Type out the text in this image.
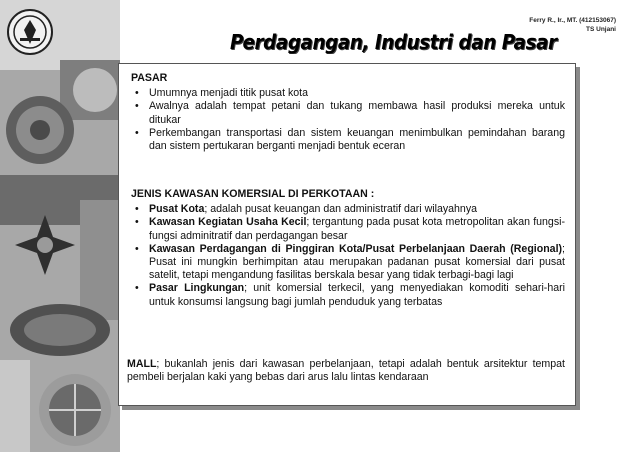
Ferry R., Ir., MT. (412153067)
TS Unjani
Perdagangan, Industri dan Pasar
PASAR
• Umumnya menjadi titik pusat kota
• Awalnya adalah tempat petani dan tukang membawa hasil produksi mereka untuk ditukar
• Perkembangan transportasi dan sistem keuangan menimbulkan pemindahan barang dan sistem pertukaran berganti menjadi bentuk eceran
JENIS KAWASAN KOMERSIAL DI PERKOTAAN :
• Pusat Kota; adalah pusat keuangan dan administratif dari wilayahnya
• Kawasan Kegiatan Usaha Kecil; tergantung pada pusat kota metropolitan akan fungsi-fungsi adminitratif dan perdagangan besar
• Kawasan Perdagangan di Pinggiran Kota/Pusat Perbelanjaan Daerah (Regional); Pusat ini mungkin berhimpitan atau merupakan padanan pusat komersial dari pusat satelit, tetapi mengandung fasilitas berskala besar yang tidak terbagi-bagi lagi
• Pasar Lingkungan; unit komersial terkecil, yang menyediakan komoditi sehari-hari untuk konsumsi langsung bagi jumlah penduduk yang terbatas
MALL; bukanlah jenis dari kawasan perbelanjaan, tetapi adalah bentuk arsitektur tempat pembeli berjalan kaki yang bebas dari arus lalu lintas kendaraan
